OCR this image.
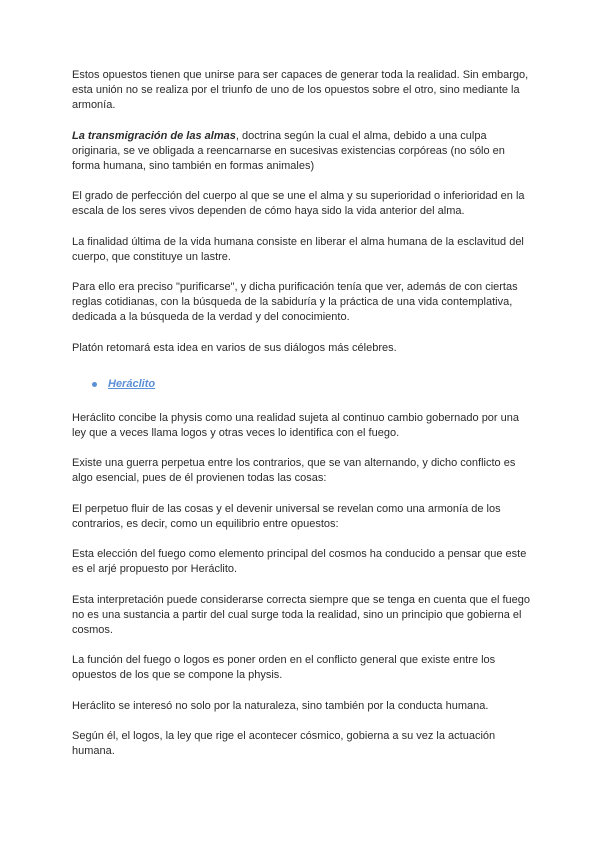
Estos opuestos tienen que unirse para ser capaces de generar toda la realidad. Sin embargo, esta unión no se realiza por el triunfo de uno de los opuestos sobre el otro, sino mediante la armonía.

La transmigración de las almas, doctrina según la cual el alma, debido a una culpa originaria, se ve obligada a reencarnarse en sucesivas existencias corpóreas (no sólo en forma humana, sino también en formas animales)

El grado de perfección del cuerpo al que se une el alma y su superioridad o inferioridad en la escala de los seres vivos dependen de cómo haya sido la vida anterior del alma.

La finalidad última de la vida humana consiste en liberar el alma humana de la esclavitud del cuerpo, que constituye un lastre.

Para ello era preciso "purificarse", y dicha purificación tenía que ver, además de con ciertas reglas cotidianas, con la búsqueda de la sabiduría y la práctica de una vida contemplativa, dedicada a la búsqueda de la verdad y del conocimiento.

Platón retomará esta idea en varios de sus diálogos más célebres.

Heráclito

Heráclito concibe la physis como una realidad sujeta al continuo cambio gobernado por una ley que a veces llama logos y otras veces lo identifica con el fuego.

Existe una guerra perpetua entre los contrarios, que se van alternando, y dicho conflicto es algo esencial, pues de él provienen todas las cosas:

El perpetuo fluir de las cosas y el devenir universal se revelan como una armonía de los contrarios, es decir, como un equilibrio entre opuestos:

Esta elección del fuego como elemento principal del cosmos ha conducido a pensar que este es el arjé propuesto por Heráclito.

Esta interpretación puede considerarse correcta siempre que se tenga en cuenta que el fuego no es una sustancia a partir del cual surge toda la realidad, sino un principio que gobierna el cosmos.

La función del fuego o logos es poner orden en el conflicto general que existe entre los opuestos de los que se compone la physis.

Heráclito se interesó no solo por la naturaleza, sino también por la conducta humana.

Según él, el logos, la ley que rige el acontecer cósmico, gobierna a su vez la actuación humana.
